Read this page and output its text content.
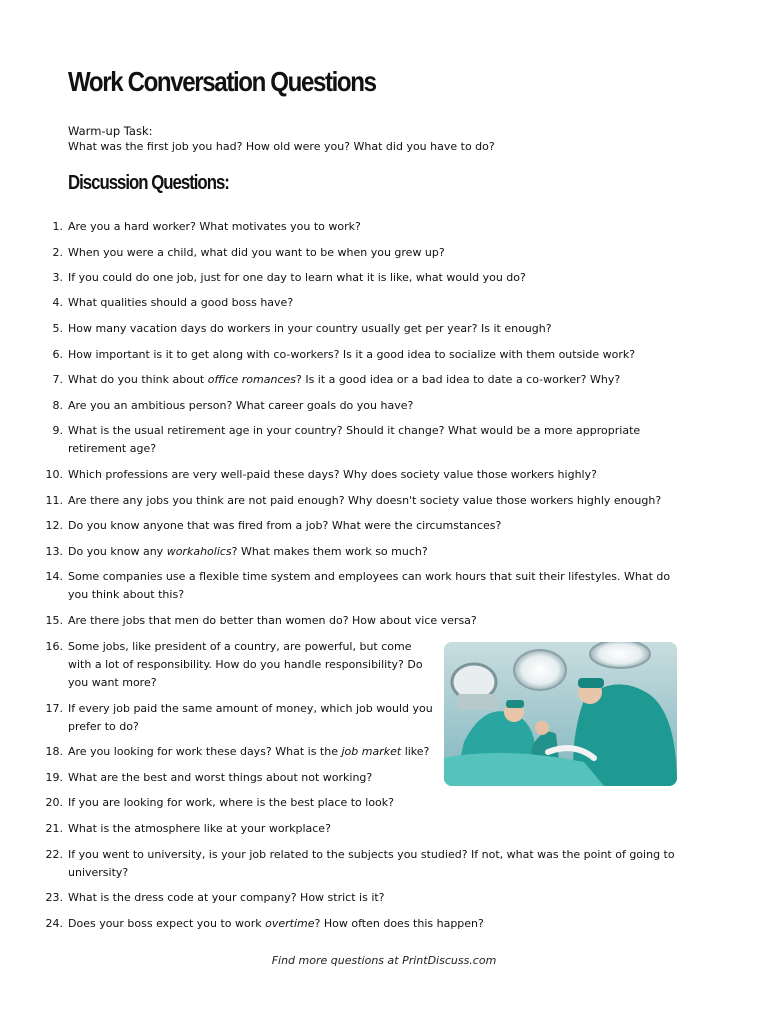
Work Conversation Questions
Warm-up Task:
What was the first job you had? How old were you? What did you have to do?
Discussion Questions:
1. Are you a hard worker? What motivates you to work?
2. When you were a child, what did you want to be when you grew up?
3. If you could do one job, just for one day to learn what it is like, what would you do?
4. What qualities should a good boss have?
5. How many vacation days do workers in your country usually get per year? Is it enough?
6. How important is it to get along with co-workers? Is it a good idea to socialize with them outside work?
7. What do you think about office romances? Is it a good idea or a bad idea to date a co-worker? Why?
8. Are you an ambitious person? What career goals do you have?
9. What is the usual retirement age in your country? Should it change? What would be a more appropriate retirement age?
10. Which professions are very well-paid these days? Why does society value those workers highly?
11. Are there any jobs you think are not paid enough? Why doesn't society value those workers highly enough?
12. Do you know anyone that was fired from a job? What were the circumstances?
13. Do you know any workaholics? What makes them work so much?
14. Some companies use a flexible time system and employees can work hours that suit their lifestyles. What do you think about this?
15. Are there jobs that men do better than women do? How about vice versa?
16. Some jobs, like president of a country, are powerful, but come with a lot of responsibility. How do you handle responsibility? Do you want more?
17. If every job paid the same amount of money, which job would you prefer to do?
18. Are you looking for work these days? What is the job market like?
19. What are the best and worst things about not working?
20. If you are looking for work, where is the best place to look?
21. What is the atmosphere like at your workplace?
22. If you went to university, is your job related to the subjects you studied? If not, what was the point of going to university?
23. What is the dress code at your company? How strict is it?
24. Does your boss expect you to work overtime? How often does this happen?
Find more questions at PrintDiscuss.com
